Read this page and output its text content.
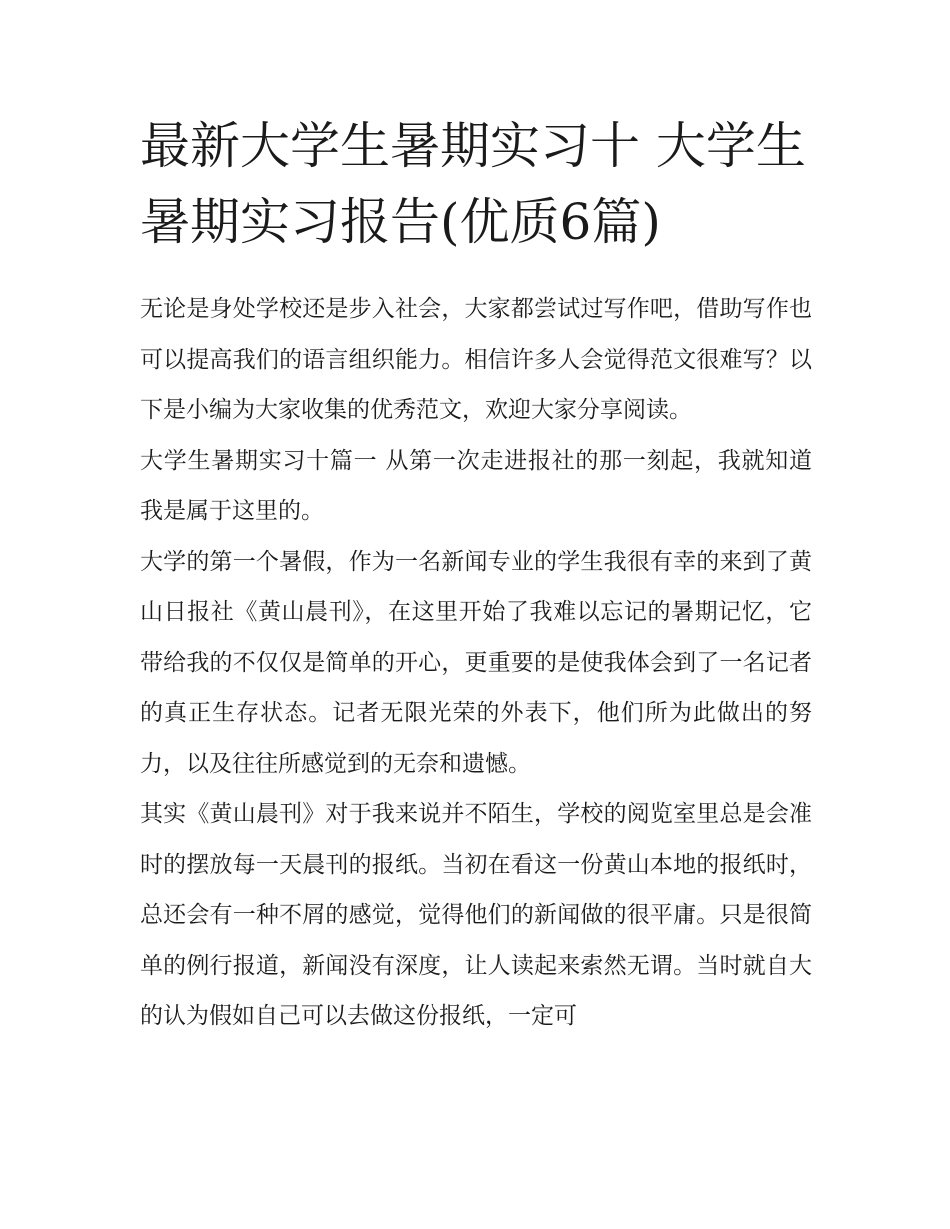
最新大学生暑期实习十 大学生暑期实习报告(优质6篇)

无论是身处学校还是步入社会，大家都尝试过写作吧，借助写作也可以提高我们的语言组织能力。相信许多人会觉得范文很难写？以下是小编为大家收集的优秀范文，欢迎大家分享阅读。

大学生暑期实习十篇一 从第一次走进报社的那一刻起，我就知道我是属于这里的。

大学的第一个暑假，作为一名新闻专业的学生我很有幸的来到了黄山日报社《黄山晨刊》，在这里开始了我难以忘记的暑期记忆，它带给我的不仅仅是简单的开心，更重要的是使我体会到了一名记者的真正生存状态。记者无限光荣的外表下，他们所为此做出的努力，以及往往所感觉到的无奈和遗憾。

其实《黄山晨刊》对于我来说并不陌生，学校的阅览室里总是会准时的摆放每一天晨刊的报纸。当初在看这一份黄山本地的报纸时，总还会有一种不屑的感觉，觉得他们的新闻做的很平庸。只是很简单的例行报道，新闻没有深度，让人读起来索然无谓。当时就自大的认为假如自己可以去做这份报纸，一定可
